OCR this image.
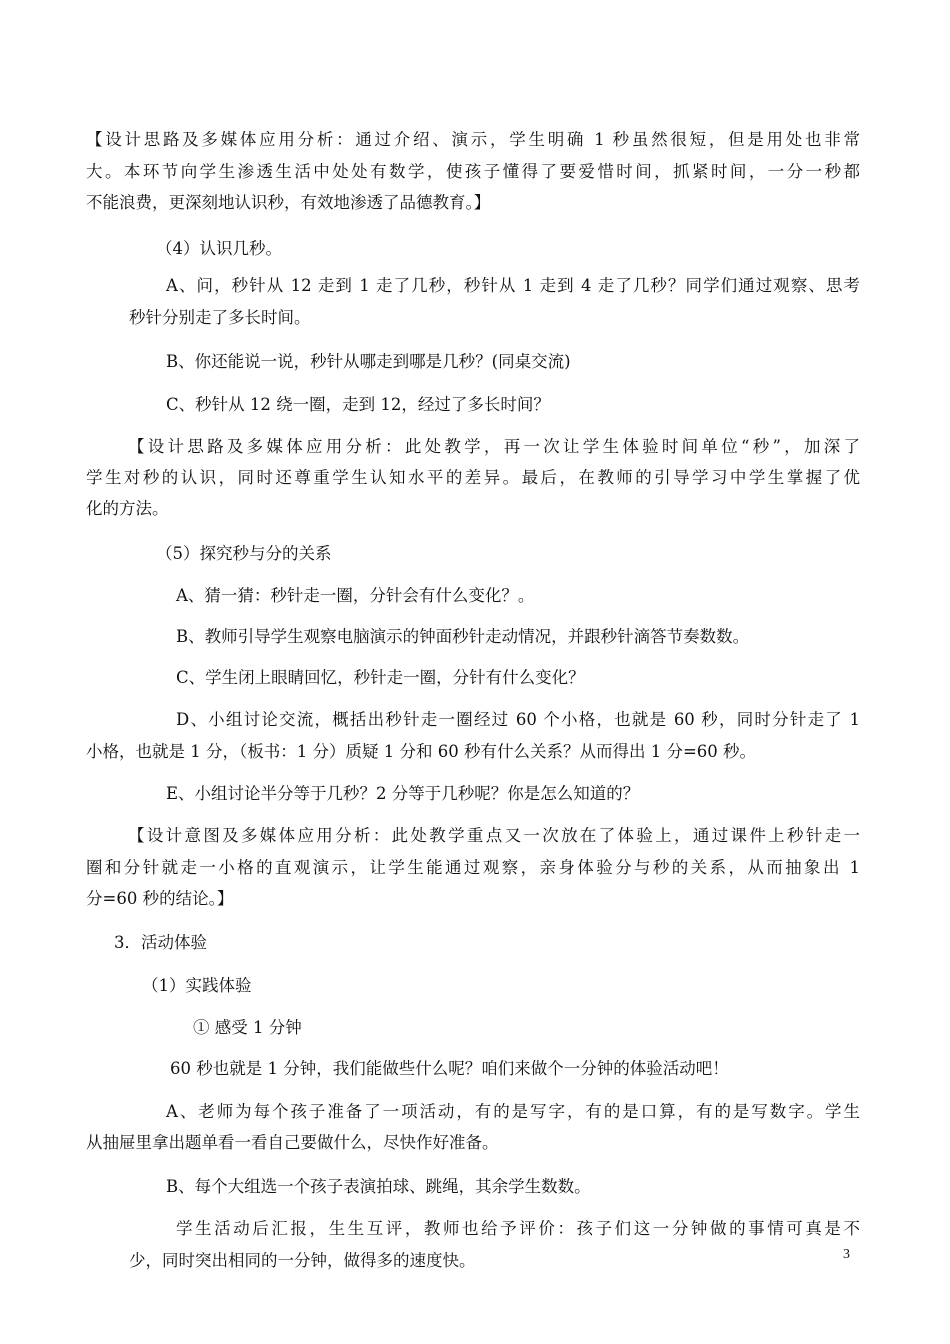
【设计思路及多媒体应用分析：通过介绍、演示，学生明确 1 秒虽然很短，但是用处也非常

大。本环节向学生渗透生活中处处有数学，使孩子懂得了要爱惜时间，抓紧时间，一分一秒都

不能浪费，更深刻地认识秒，有效地渗透了品德教育。】

（4）认识几秒。

A、问，秒针从 12 走到 1 走了几秒，秒针从 1 走到 4 走了几秒？同学们通过观察、思考

秒针分别走了多长时间。

B、你还能说一说，秒针从哪走到哪是几秒？(同桌交流)

C、秒针从 12 绕一圈，走到 12，经过了多长时间？

【设计思路及多媒体应用分析：此处教学，再一次让学生体验时间单位“秒”，加深了

学生对秒的认识，同时还尊重学生认知水平的差异。最后，在教师的引导学习中学生掌握了优

化的方法。

（5）探究秒与分的关系

A、猜一猜：秒针走一圈，分针会有什么变化？。

B、教师引导学生观察电脑演示的钟面秒针走动情况，并跟秒针滴答节奏数数。

C、学生闭上眼睛回忆，秒针走一圈，分针有什么变化？

D、小组讨论交流，概括出秒针走一圈经过 60 个小格，也就是 60 秒，同时分针走了 1

小格，也就是 1 分，（板书：1 分）质疑 1 分和 60 秒有什么关系？从而得出 1 分=60 秒。

E、小组讨论半分等于几秒？2 分等于几秒呢？你是怎么知道的？

【设计意图及多媒体应用分析：此处教学重点又一次放在了体验上，通过课件上秒针走一

圈和分针就走一小格的直观演示，让学生能通过观察，亲身体验分与秒的关系，从而抽象出 1

分=60 秒的结论。】

3．活动体验

（1）实践体验

① 感受 1 分钟

60 秒也就是 1 分钟，我们能做些什么呢？咱们来做个一分钟的体验活动吧！

A、老师为每个孩子准备了一项活动，有的是写字，有的是口算，有的是写数字。学生

从抽屉里拿出题单看一看自己要做什么，尽快作好准备。

B、每个大组选一个孩子表演拍球、跳绳，其余学生数数。

学生活动后汇报，生生互评，教师也给予评价：孩子们这一分钟做的事情可真是不

少，同时突出相同的一分钟，做得多的速度快。	3
